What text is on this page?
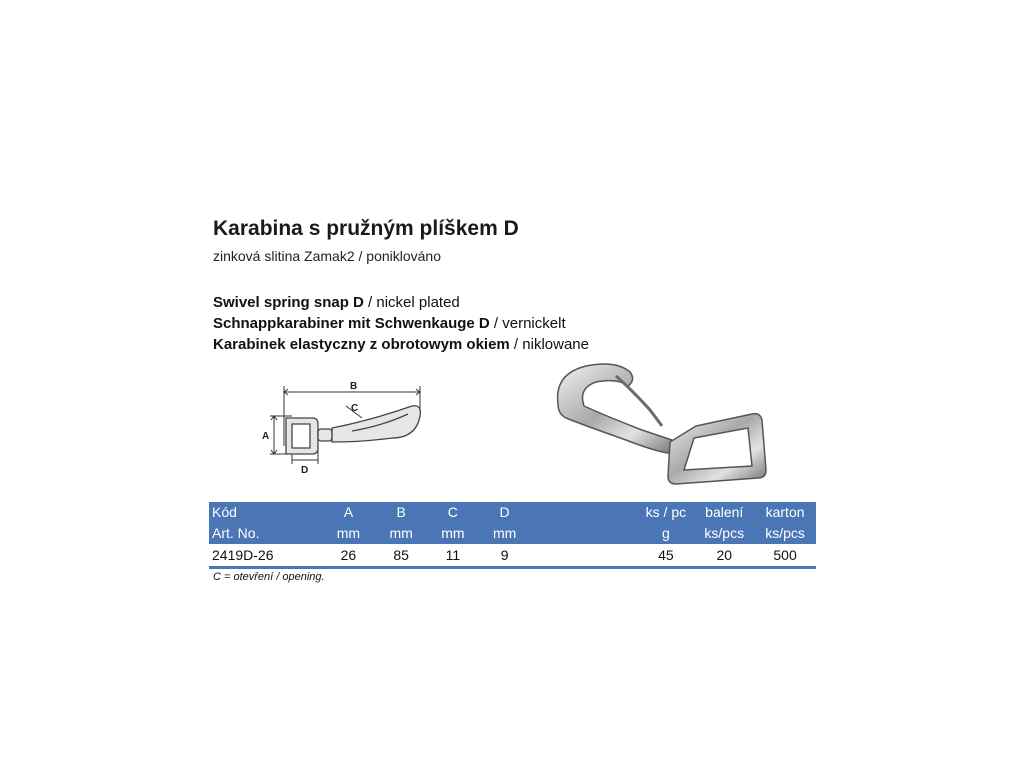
Karabina s pružným plíškem D
zinková slitina Zamak2 / poniklováno
Swivel spring snap D / nickel plated
Schnappkarabiner mit Schwenkauge D / vernickelt
Karabinek elastyczny z obrotowym okiem / niklowane
B
A
C
D
Kód	A	B	C	D		ks / pc	balení	karton
Art. No.	mm	mm	mm	mm		g	ks/pcs	ks/pcs
2419D-26	26	85	11	9		45	20	500
C = otevření / opening.
